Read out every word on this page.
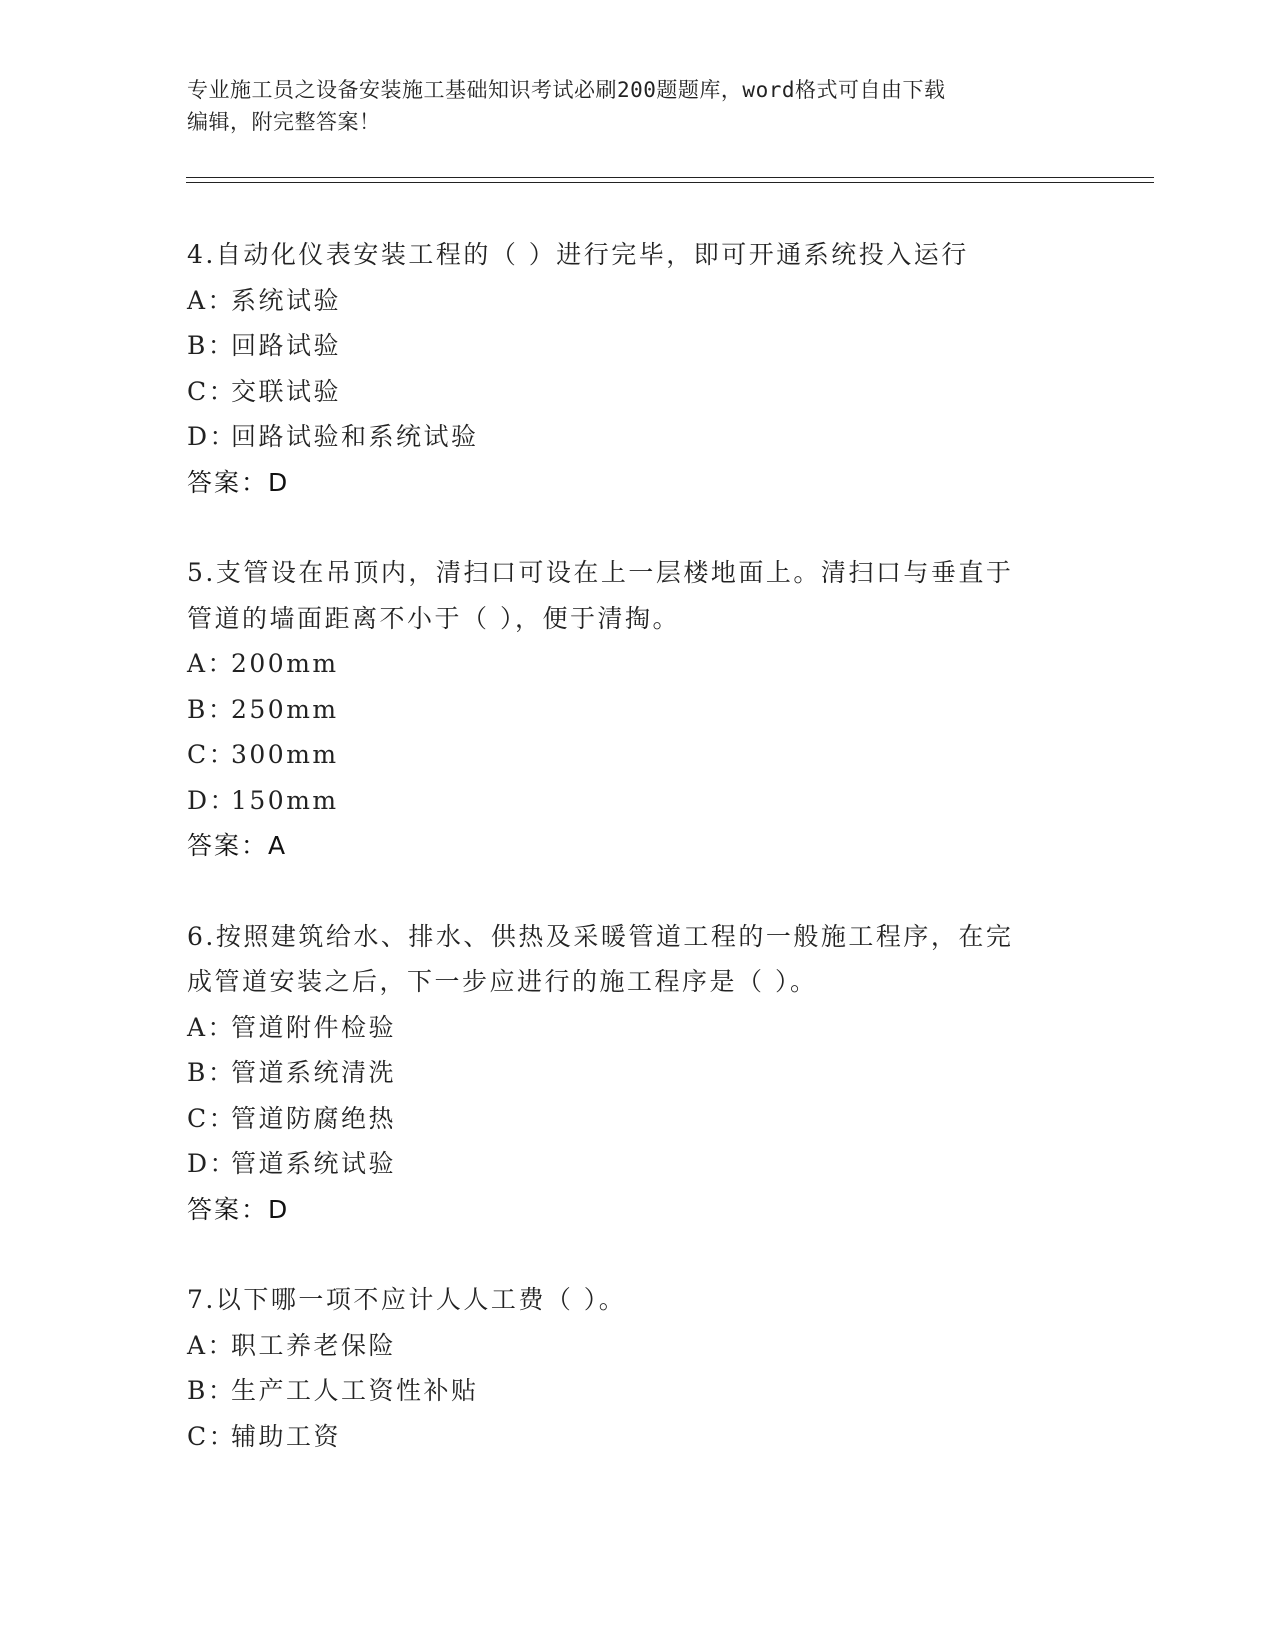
专业施工员之设备安装施工基础知识考试必刷200题题库，word格式可自由下载
编辑，附完整答案！
4.自动化仪表安装工程的（ ）进行完毕，即可开通系统投入运行
A：系统试验
B：回路试验
C：交联试验
D：回路试验和系统试验
答案：D
5.支管设在吊顶内，清扫口可设在上一层楼地面上。清扫口与垂直于
管道的墙面距离不小于（ ），便于清掏。
A：200mm
B：250mm
C：300mm
D：150mm
答案：A
6.按照建筑给水、排水、供热及采暖管道工程的一般施工程序，在完
成管道安装之后，下一步应进行的施工程序是（ ）。
A：管道附件检验
B：管道系统清洗
C：管道防腐绝热
D：管道系统试验
答案：D
7.以下哪一项不应计人人工费（ ）。
A：职工养老保险
B：生产工人工资性补贴
C：辅助工资
